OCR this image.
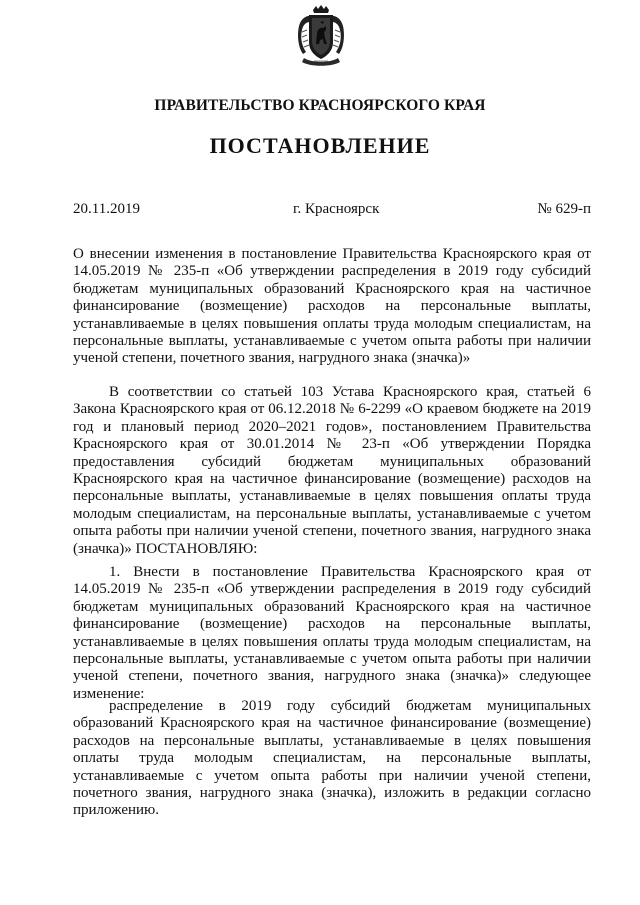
ПРАВИТЕЛЬСТВО КРАСНОЯРСКОГО КРАЯ
ПОСТАНОВЛЕНИЕ
20.11.2019	г. Красноярск	№ 629-п

О внесении изменения в постановление Правительства Красноярского края от 14.05.2019 № 235-п «Об утверждении распределения в 2019 году субсидий бюджетам муниципальных образований Красноярского края на частичное финансирование (возмещение) расходов на персональные выплаты, устанавливаемые в целях повышения оплаты труда молодым специалистам, на персональные выплаты, устанавливаемые с учетом опыта работы при наличии ученой степени, почетного звания, нагрудного знака (значка)»

В соответствии со статьей 103 Устава Красноярского края, статьей 6 Закона Красноярского края от 06.12.2018 № 6-2299 «О краевом бюджете на 2019 год и плановый период 2020–2021 годов», постановлением Правительства Красноярского края от 30.01.2014 № 23-п «Об утверждении Порядка предоставления субсидий бюджетам муниципальных образований Красноярского края на частичное финансирование (возмещение) расходов на персональные выплаты, устанавливаемые в целях повышения оплаты труда молодым специалистам, на персональные выплаты, устанавливаемые с учетом опыта работы при наличии ученой степени, почетного звания, нагрудного знака (значка)» ПОСТАНОВЛЯЮ:

1. Внести в постановление Правительства Красноярского края от 14.05.2019 № 235-п «Об утверждении распределения в 2019 году субсидий бюджетам муниципальных образований Красноярского края на частичное финансирование (возмещение) расходов на персональные выплаты, устанавливаемые в целях повышения оплаты труда молодым специалистам, на персональные выплаты, устанавливаемые с учетом опыта работы при наличии ученой степени, почетного звания, нагрудного знака (значка)» следующее изменение:

распределение в 2019 году субсидий бюджетам муниципальных образований Красноярского края на частичное финансирование (возмещение) расходов на персональные выплаты, устанавливаемые в целях повышения оплаты труда молодым специалистам, на персональные выплаты, устанавливаемые с учетом опыта работы при наличии ученой степени, почетного звания, нагрудного знака (значка), изложить в редакции согласно приложению.
